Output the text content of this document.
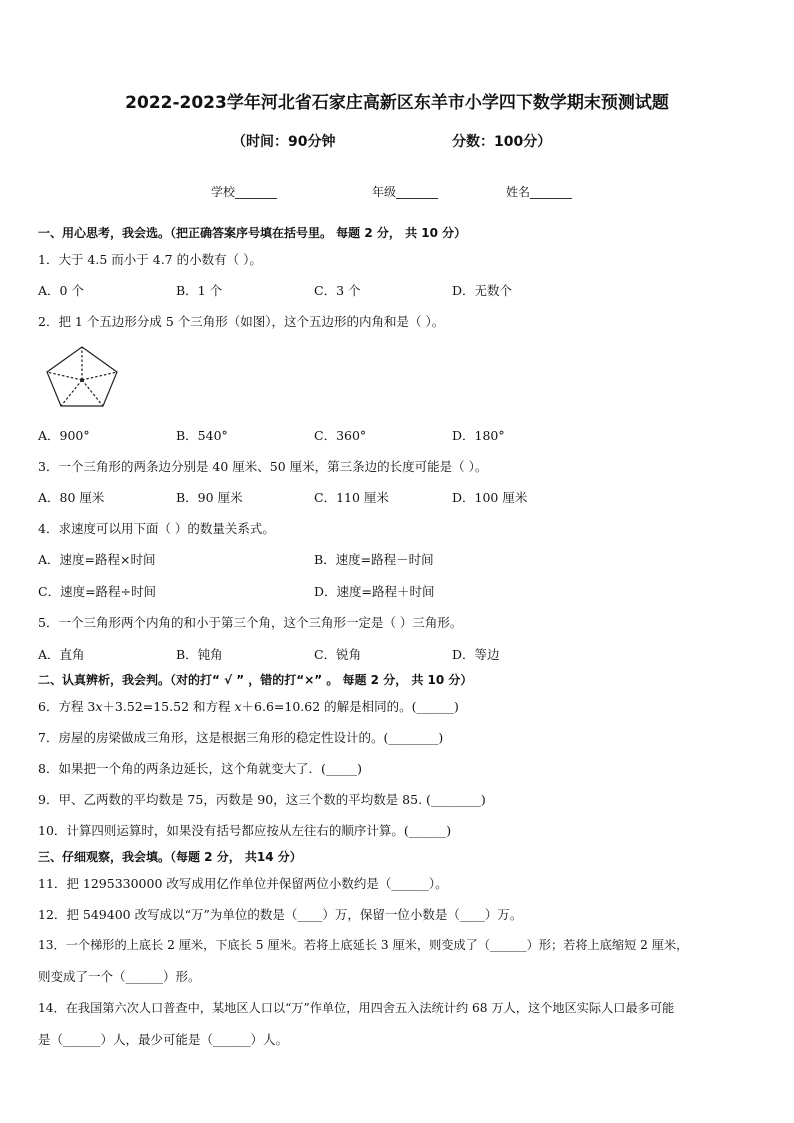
2022-2023学年河北省石家庄高新区东羊市小学四下数学期末预测试题
（时间：90分钟	分数：100分）
学校_______	年级_______	姓名_______
一、用心思考，我会选。（把正确答案序号填在括号里。 每题 2 分， 共 10 分）
1．大于 4.5 而小于 4.7 的小数有（ ）。
A．0 个	B．1 个	C．3 个	D．无数个
2．把 1 个五边形分成 5 个三角形（如图），这个五边形的内角和是（ ）。
A．900°	B．540°	C．360°	D．180°
3．一个三角形的两条边分别是 40 厘米、50 厘米，第三条边的长度可能是（ ）。
A．80 厘米	B．90 厘米	C．110 厘米	D．100 厘米
4．求速度可以用下面（ ）的数量关系式。
A．速度=路程×时间	B．速度=路程－时间
C．速度=路程÷时间	D．速度=路程＋时间
5．一个三角形两个内角的和小于第三个角，这个三角形一定是（ ）三角形。
A．直角	B．钝角	C．锐角	D．等边
二、认真辨析，我会判。（对的打“ √ ” ，错的打“×” 。 每题 2 分， 共 10 分）
6．方程 3𝑥＋3.52=15.52 和方程 𝑥＋6.6=10.62 的解是相同的。(______)
7．房屋的房梁做成三角形，这是根据三角形的稳定性设计的。(________)
8．如果把一个角的两条边延长，这个角就变大了．(_____)
9．甲、乙两数的平均数是 75，丙数是 90，这三个数的平均数是 85. (________)
10．计算四则运算时，如果没有括号都应按从左往右的顺序计算。(______)
三、仔细观察，我会填。（每题 2 分， 共14 分）
11．把 1295330000 改写成用亿作单位并保留两位小数约是（______）。
12．把 549400 改写成以“万”为单位的数是（____）万，保留一位小数是（____）万。
13．一个梯形的上底长 2 厘米，下底长 5 厘米。若将上底延长 3 厘米，则变成了（______）形；若将上底缩短 2 厘米，
则变成了一个（______）形。
14．在我国第六次人口普查中，某地区人口以“万”作单位，用四舍五入法统计约 68 万人，这个地区实际人口最多可能
是（______）人，最少可能是（______）人。
